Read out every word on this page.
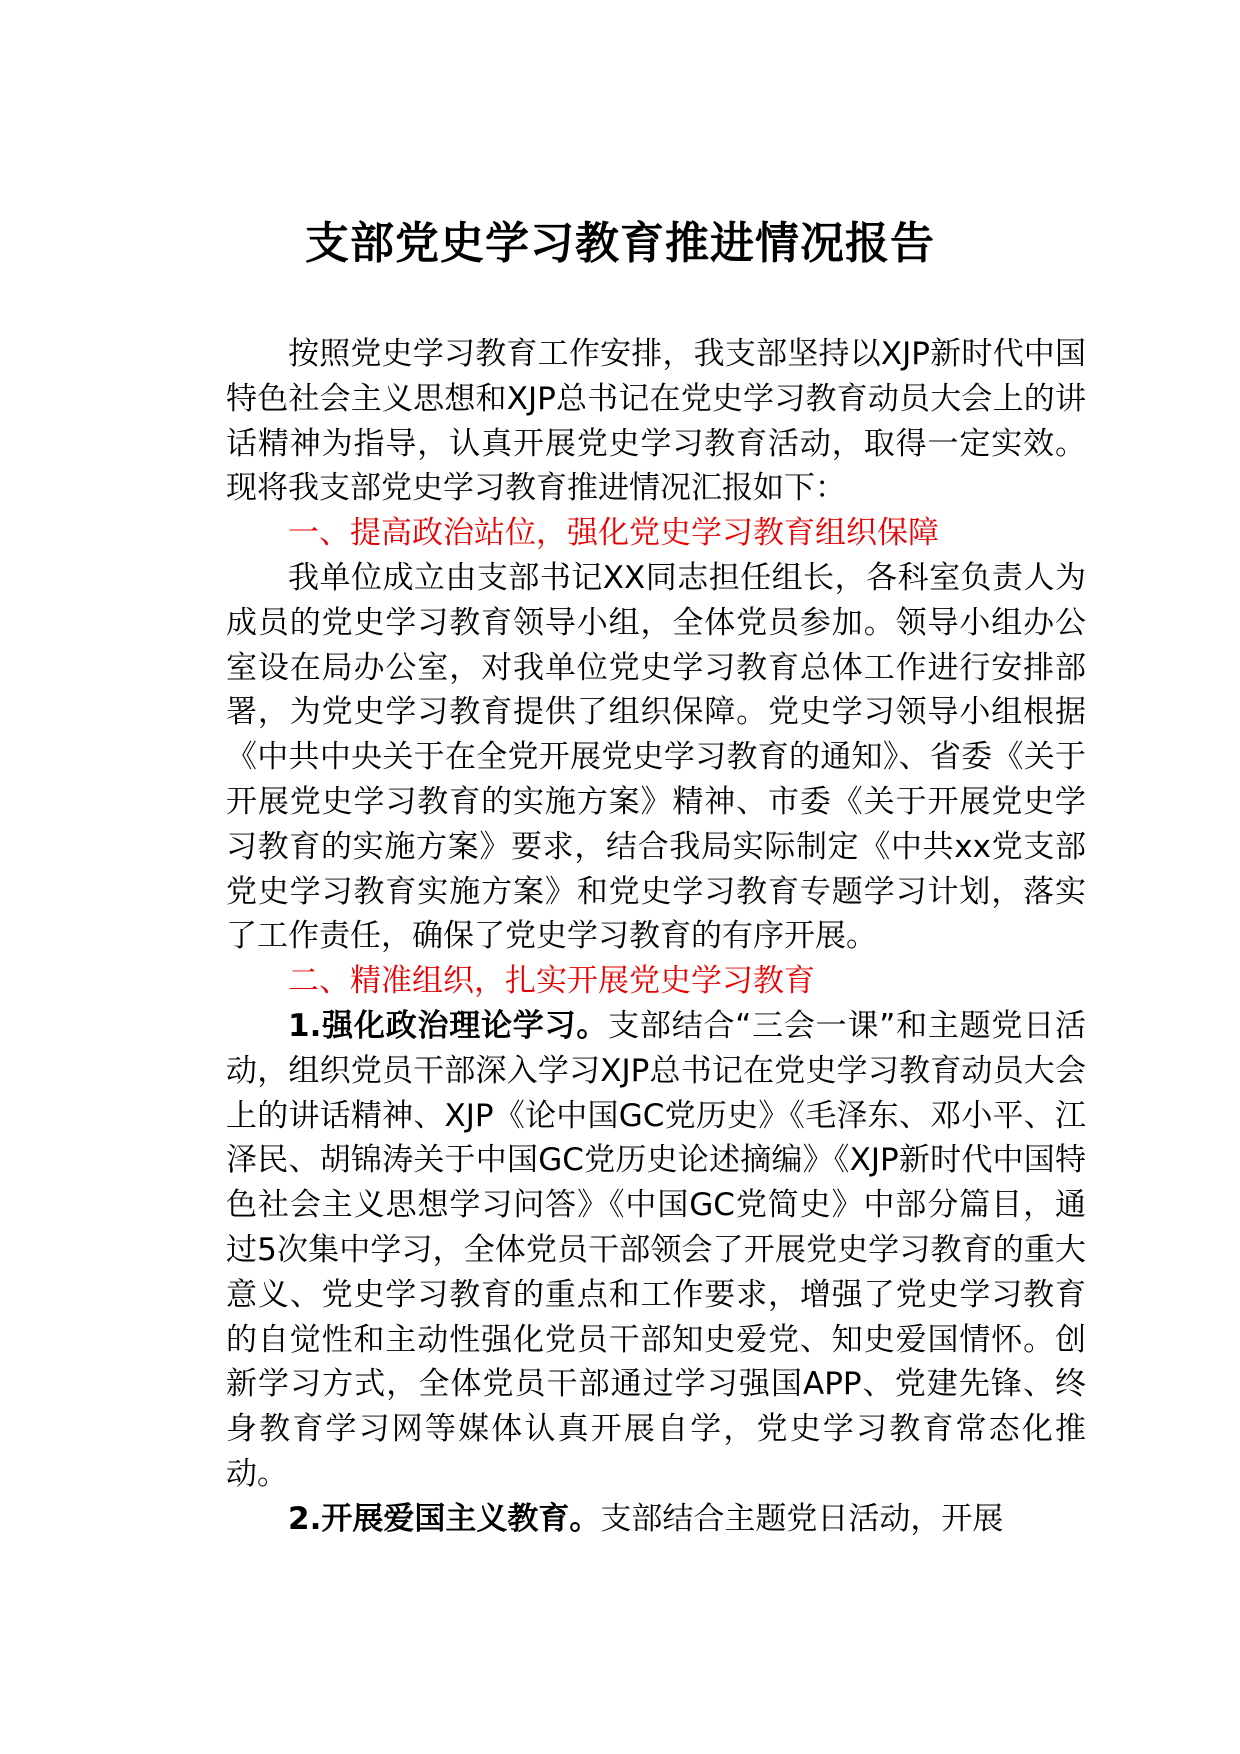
支部党史学习教育推进情况报告

按照党史学习教育工作安排，我支部坚持以XJP新时代中国特色社会主义思想和XJP总书记在党史学习教育动员大会上的讲话精神为指导，认真开展党史学习教育活动，取得一定实效。现将我支部党史学习教育推进情况汇报如下：

一、提高政治站位，强化党史学习教育组织保障

我单位成立由支部书记XX同志担任组长，各科室负责人为成员的党史学习教育领导小组，全体党员参加。领导小组办公室设在局办公室，对我单位党史学习教育总体工作进行安排部署，为党史学习教育提供了组织保障。党史学习领导小组根据《中共中央关于在全党开展党史学习教育的通知》、省委《关于开展党史学习教育的实施方案》精神、市委《关于开展党史学习教育的实施方案》要求，结合我局实际制定《中共xx党支部党史学习教育实施方案》和党史学习教育专题学习计划，落实了工作责任，确保了党史学习教育的有序开展。

二、精准组织，扎实开展党史学习教育

1.强化政治理论学习。支部结合“三会一课”和主题党日活动，组织党员干部深入学习XJP总书记在党史学习教育动员大会上的讲话精神、XJP《论中国GC党历史》《毛泽东、邓小平、江泽民、胡锦涛关于中国GC党历史论述摘编》《XJP新时代中国特色社会主义思想学习问答》《中国GC党简史》中部分篇目，通过5次集中学习，全体党员干部领会了开展党史学习教育的重大意义、党史学习教育的重点和工作要求，增强了党史学习教育的自觉性和主动性强化党员干部知史爱党、知史爱国情怀。创新学习方式，全体党员干部通过学习强国APP、党建先锋、终身教育学习网等媒体认真开展自学，党史学习教育常态化推动。

2.开展爱国主义教育。支部结合主题党日活动，开展
